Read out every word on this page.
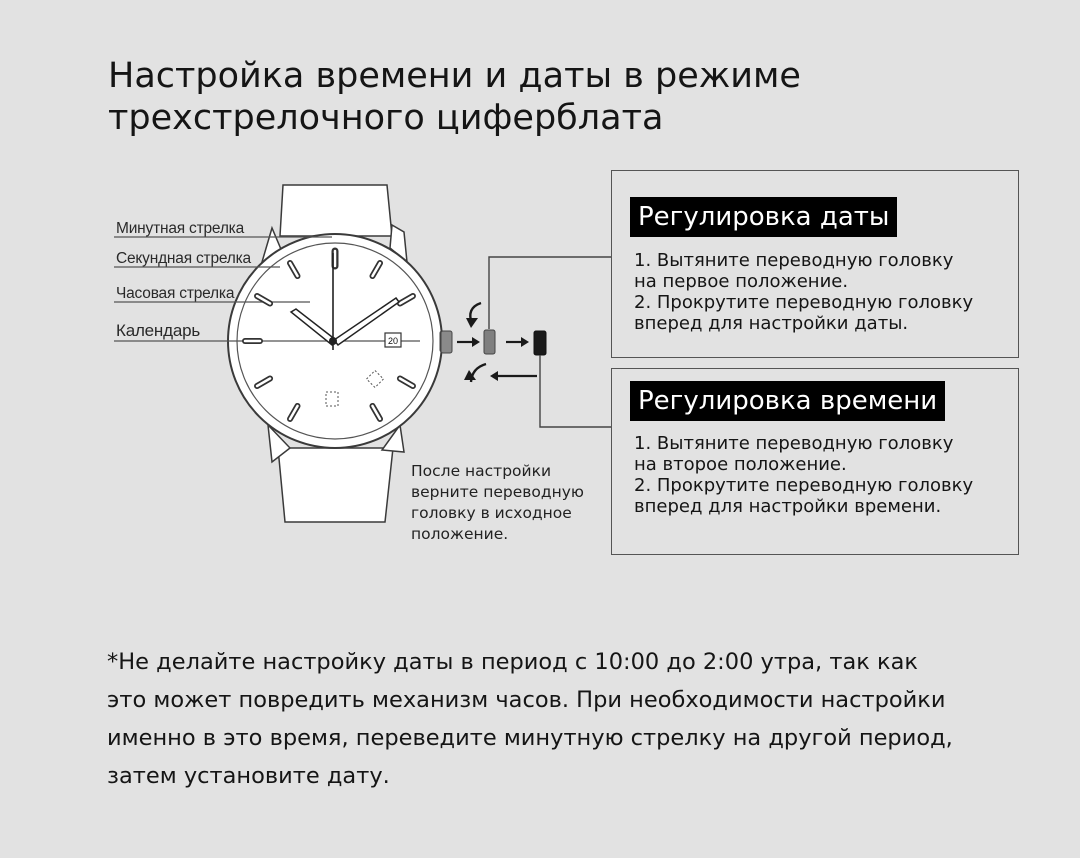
Настройка времени и даты в режиме
трехстрелочного циферблата
20
Минутная стрелка
Секундная стрелка
Часовая стрелка
Календарь
После настройки
верните переводную
головку в исходное
положение.
Регулировка даты
1. Вытяните переводную головку
на первое положение.
2. Прокрутите переводную головку
вперед для настройки даты.
Регулировка времени
1. Вытяните переводную головку
на второе положение.
2. Прокрутите переводную головку
вперед для настройки времени.
*Не делайте настройку даты в период с 10:00 до 2:00 утра, так как
это может повредить механизм часов. При необходимости настройки
именно в это время, переведите минутную стрелку на другой период,
затем установите дату.
